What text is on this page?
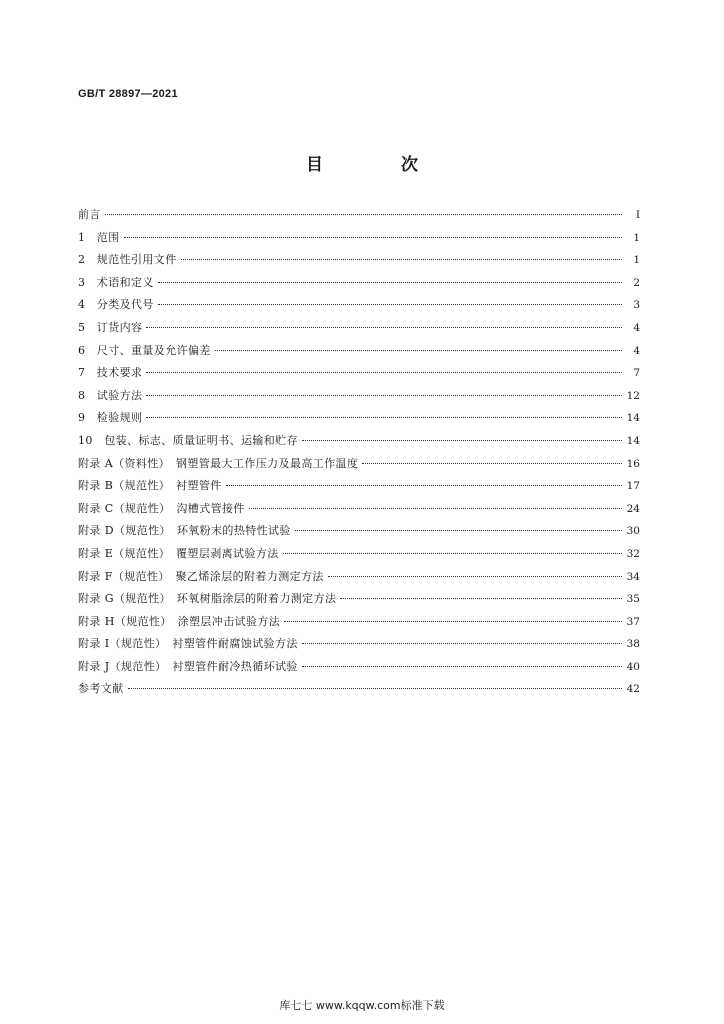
GB/T 28897—2021
目 次
前言	Ⅰ
1　范围	1
2　规范性引用文件	1
3　术语和定义	2
4　分类及代号	3
5　订货内容	4
6　尺寸、重量及允许偏差	4
7　技术要求	7
8　试验方法	12
9　检验规则	14
10　包装、标志、质量证明书、运输和贮存	14
附录 A（资料性）　钢塑管最大工作压力及最高工作温度	16
附录 B（规范性）　衬塑管件	17
附录 C（规范性）　沟槽式管接件	24
附录 D（规范性）　环氧粉末的热特性试验	30
附录 E（规范性）　覆塑层剥离试验方法	32
附录 F（规范性）　聚乙烯涂层的附着力测定方法	34
附录 G（规范性）　环氧树脂涂层的附着力测定方法	35
附录 H（规范性）　涂塑层冲击试验方法	37
附录 I（规范性）　衬塑管件耐腐蚀试验方法	38
附录 J（规范性）　衬塑管件耐冷热循环试验	40
参考文献	42
库七七 www.kqqw.com标准下载
